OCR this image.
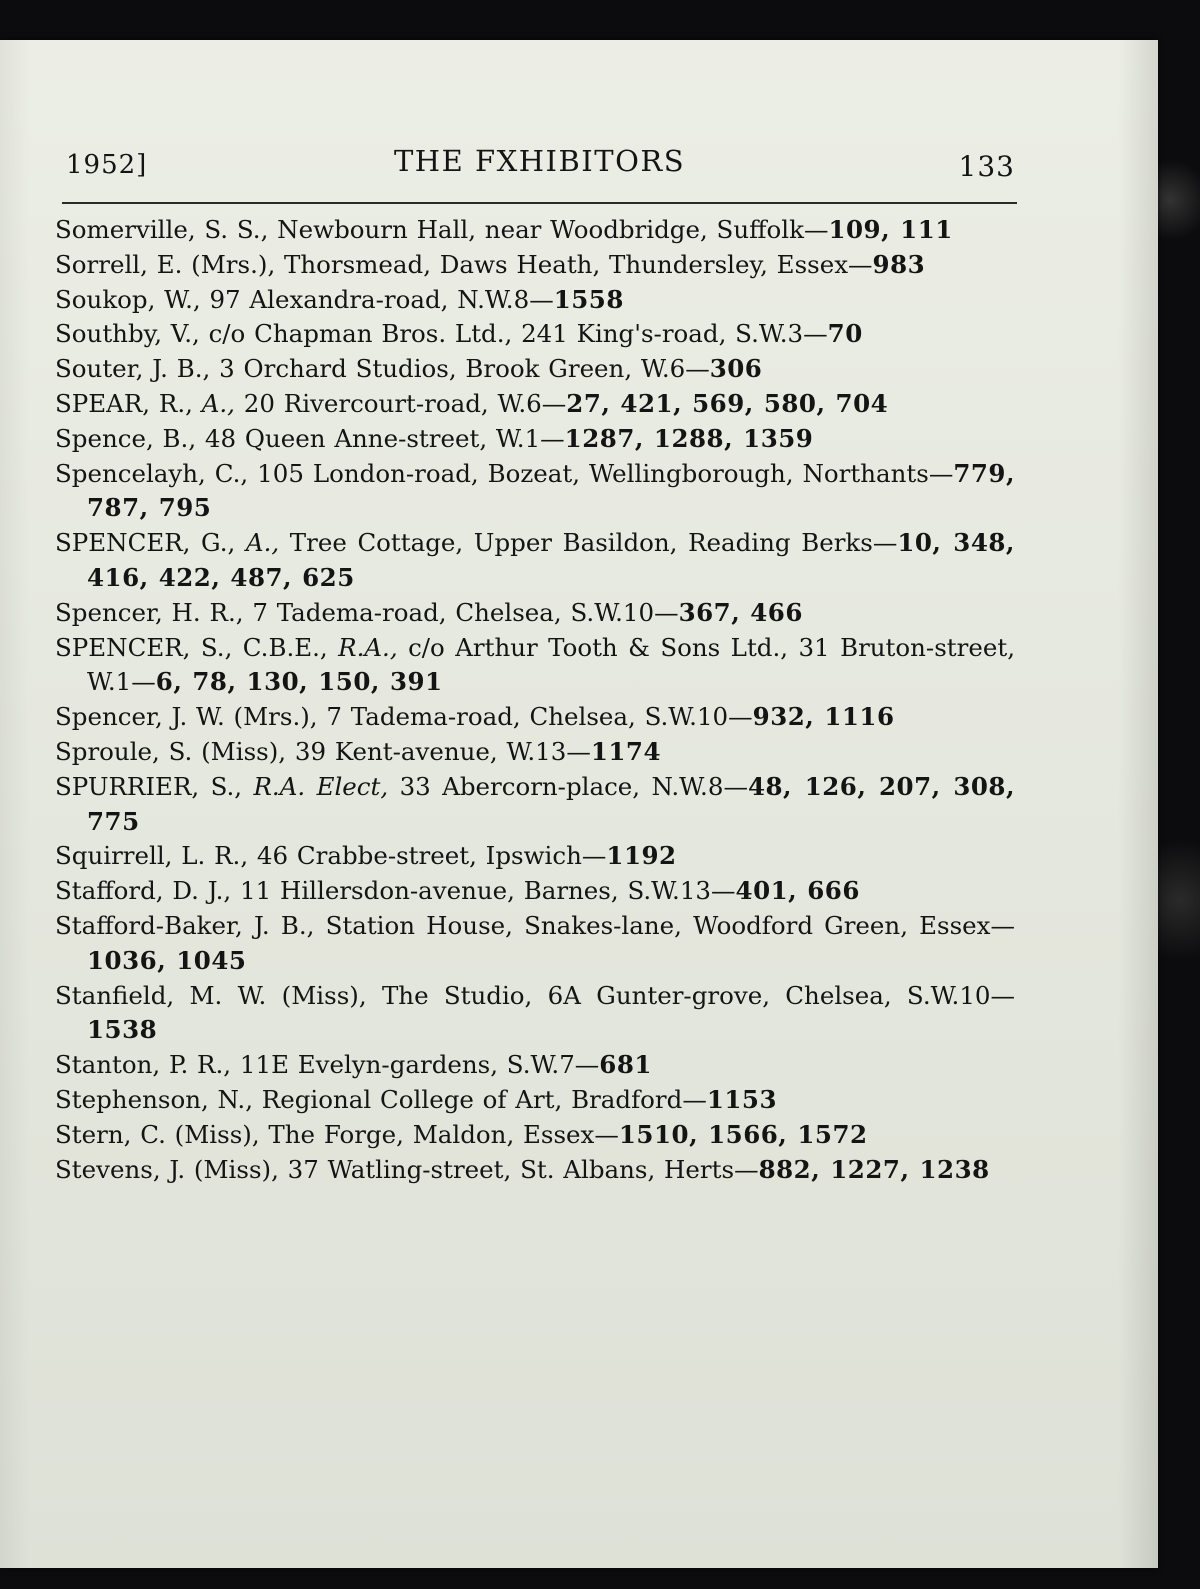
1952]	THE FXHIBITORS	133
Somerville, S. S., Newbourn Hall, near Woodbridge, Suffolk—109, 111
Sorrell, E. (Mrs.), Thorsmead, Daws Heath, Thundersley, Essex—983
Soukop, W., 97 Alexandra-road, N.W.8—1558
Southby, V., c/o Chapman Bros. Ltd., 241 King's-road, S.W.3—70
Souter, J. B., 3 Orchard Studios, Brook Green, W.6—306
SPEAR, R., A., 20 Rivercourt-road, W.6—27, 421, 569, 580, 704
Spence, B., 48 Queen Anne-street, W.1—1287, 1288, 1359
Spencelayh, C., 105 London-road, Bozeat, Wellingborough, Northants—779, 787, 795
SPENCER, G., A., Tree Cottage, Upper Basildon, Reading Berks—10, 348, 416, 422, 487, 625
Spencer, H. R., 7 Tadema-road, Chelsea, S.W.10—367, 466
SPENCER, S., C.B.E., R.A., c/o Arthur Tooth & Sons Ltd., 31 Bruton-street, W.1—6, 78, 130, 150, 391
Spencer, J. W. (Mrs.), 7 Tadema-road, Chelsea, S.W.10—932, 1116
Sproule, S. (Miss), 39 Kent-avenue, W.13—1174
SPURRIER, S., R.A. Elect, 33 Abercorn-place, N.W.8—48, 126, 207, 308, 775
Squirrell, L. R., 46 Crabbe-street, Ipswich—1192
Stafford, D. J., 11 Hillersdon-avenue, Barnes, S.W.13—401, 666
Stafford-Baker, J. B., Station House, Snakes-lane, Woodford Green, Essex—1036, 1045
Stanfield, M. W. (Miss), The Studio, 6A Gunter-grove, Chelsea, S.W.10—1538
Stanton, P. R., 11E Evelyn-gardens, S.W.7—681
Stephenson, N., Regional College of Art, Bradford—1153
Stern, C. (Miss), The Forge, Maldon, Essex—1510, 1566, 1572
Stevens, J. (Miss), 37 Watling-street, St. Albans, Herts—882, 1227, 1238
